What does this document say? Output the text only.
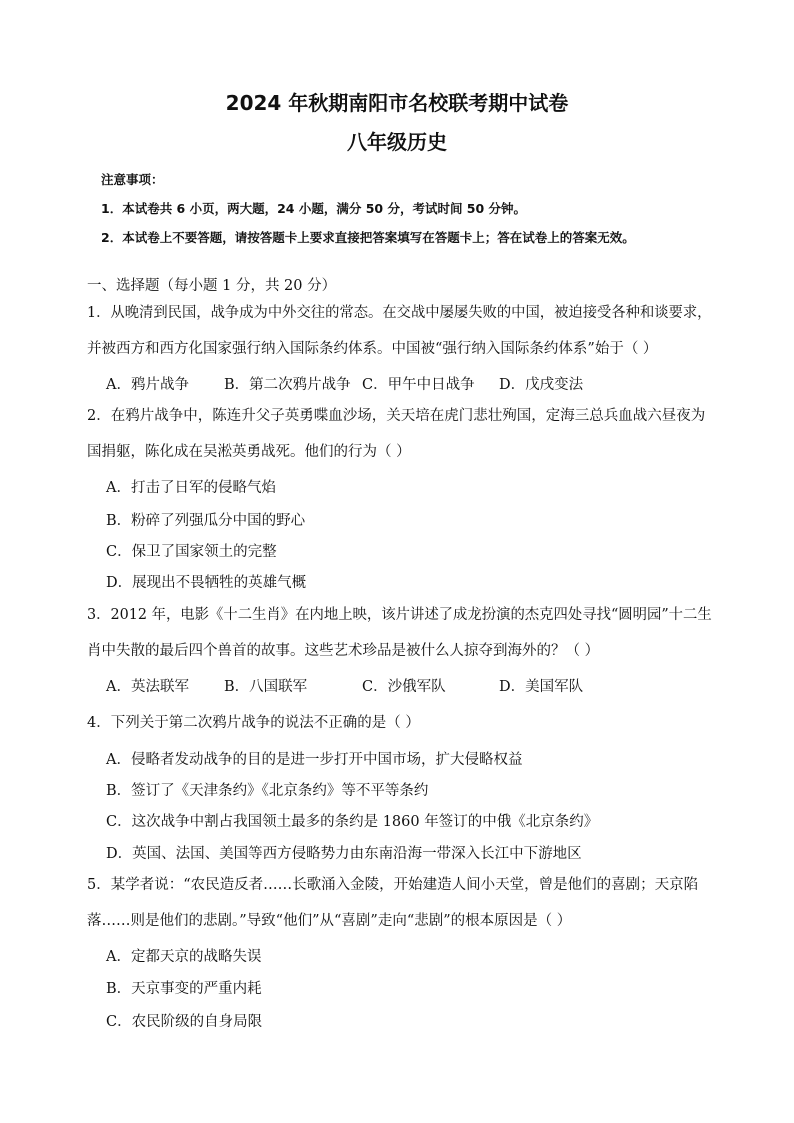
2024 年秋期南阳市名校联考期中试卷
八年级历史
注意事项：
1．本试卷共 6 小页，两大题，24 小题，满分 50 分，考试时间 50 分钟。
2．本试卷上不要答题，请按答题卡上要求直接把答案填写在答题卡上；答在试卷上的答案无效。
一、选择题（每小题 1 分，共 20 分）
1．从晚清到民国，战争成为中外交往的常态。在交战中屡屡失败的中国，被迫接受各种和谈要求，
并被西方和西方化国家强行纳入国际条约体系。中国被“强行纳入国际条约体系”始于（ ）
A．鸦片战争 B．第二次鸦片战争 C．甲午中日战争 D．戊戌变法
2．在鸦片战争中，陈连升父子英勇喋血沙场，关天培在虎门悲壮殉国，定海三总兵血战六昼夜为
国捐躯，陈化成在吴淞英勇战死。他们的行为（ ）
A．打击了日军的侵略气焰
B．粉碎了列强瓜分中国的野心
C．保卫了国家领土的完整
D．展现出不畏牺牲的英雄气概
3．2012 年，电影《十二生肖》在内地上映，该片讲述了成龙扮演的杰克四处寻找“圆明园”十二生
肖中失散的最后四个兽首的故事。这些艺术珍品是被什么人掠夺到海外的？（ ）
A．英法联军 B．八国联军	C．沙俄军队	D．美国军队
4．下列关于第二次鸦片战争的说法不正确的是（ ）
A．侵略者发动战争的目的是进一步打开中国市场，扩大侵略权益
B．签订了《天津条约》《北京条约》等不平等条约
C．这次战争中割占我国领土最多的条约是 1860 年签订的中俄《北京条约》
D．英国、法国、美国等西方侵略势力由东南沿海一带深入长江中下游地区
5．某学者说：“农民造反者……长歌涌入金陵，开始建造人间小天堂，曾是他们的喜剧；天京陷
落……则是他们的悲剧。”导致“他们”从“喜剧”走向“悲剧”的根本原因是（ ）
A．定都天京的战略失误
B．天京事变的严重内耗
C．农民阶级的自身局限
